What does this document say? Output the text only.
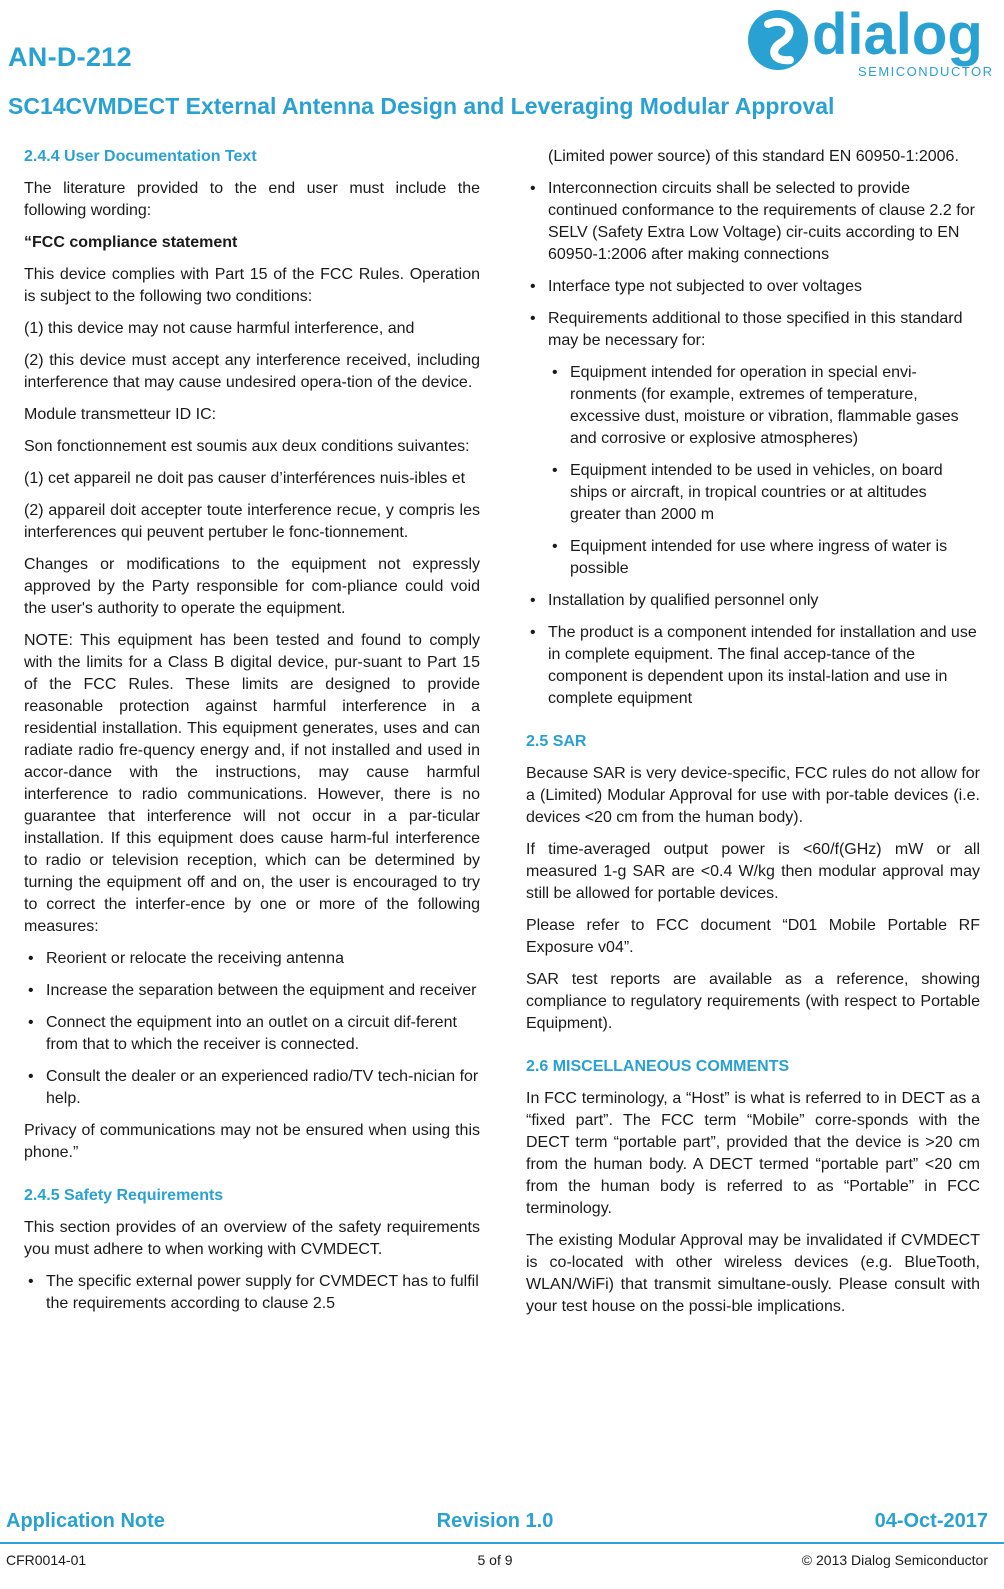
AN-D-212	dialog
SEMICONDUCTOR
SC14CVMDECT External Antenna Design and Leveraging Modular Approval
2.4.4 User Documentation Text

The literature provided to the end user must include the following wording:

“FCC compliance statement

This device complies with Part 15 of the FCC Rules. Operation is subject to the following two conditions:

(1) this device may not cause harmful interference, and

(2) this device must accept any interference received, including interference that may cause undesired opera-tion of the device.

Module transmetteur ID IC:

Son fonctionnement est soumis aux deux conditions suivantes:

(1) cet appareil ne doit pas causer d’interférences nuis-ibles et

(2) appareil doit accepter toute interference recue, y compris les interferences qui peuvent pertuber le fonc-tionnement.

Changes or modifications to the equipment not expressly approved by the Party responsible for com-pliance could void the user's authority to operate the equipment.

NOTE: This equipment has been tested and found to comply with the limits for a Class B digital device, pur-suant to Part 15 of the FCC Rules. These limits are designed to provide reasonable protection against harmful interference in a residential installation. This equipment generates, uses and can radiate radio fre-quency energy and, if not installed and used in accor-dance with the instructions, may cause harmful interference to radio communications. However, there is no guarantee that interference will not occur in a par-ticular installation. If this equipment does cause harm-ful interference to radio or television reception, which can be determined by turning the equipment off and on, the user is encouraged to try to correct the interfer-ence by one or more of the following measures:

• Reorient or relocate the receiving antenna
• Increase the separation between the equipment and receiver
• Connect the equipment into an outlet on a circuit dif-ferent from that to which the receiver is connected.
• Consult the dealer or an experienced radio/TV tech-nician for help.

Privacy of communications may not be ensured when using this phone.”

2.4.5 Safety Requirements

This section provides of an overview of the safety requirements you must adhere to when working with CVMDECT.

• The specific external power supply for CVMDECT has to fulfil the requirements according to clause 2.5
(Limited power source) of this standard EN 60950-1:2006.
• Interconnection circuits shall be selected to provide continued conformance to the requirements of clause 2.2 for SELV (Safety Extra Low Voltage) cir-cuits according to EN 60950-1:2006 after making connections
• Interface type not subjected to over voltages
• Requirements additional to those specified in this standard may be necessary for:
• Equipment intended for operation in special envi-ronments (for example, extremes of temperature, excessive dust, moisture or vibration, flammable gases and corrosive or explosive atmospheres)
• Equipment intended to be used in vehicles, on board ships or aircraft, in tropical countries or at altitudes greater than 2000 m
• Equipment intended for use where ingress of water is possible
• Installation by qualified personnel only
• The product is a component intended for installation and use in complete equipment. The final accep-tance of the component is dependent upon its instal-lation and use in complete equipment
2.5 SAR

Because SAR is very device-specific, FCC rules do not allow for a (Limited) Modular Approval for use with por-table devices (i.e. devices <20 cm from the human body).

If time-averaged output power is <60/f(GHz) mW or all measured 1-g SAR are <0.4 W/kg then modular approval may still be allowed for portable devices.

Please refer to FCC document “D01 Mobile Portable RF Exposure v04”.

SAR test reports are available as a reference, showing compliance to regulatory requirements (with respect to Portable Equipment).

2.6 MISCELLANEOUS COMMENTS

In FCC terminology, a “Host” is what is referred to in DECT as a “fixed part”. The FCC term “Mobile” corre-sponds with the DECT term “portable part”, provided that the device is >20 cm from the human body. A DECT termed “portable part” <20 cm from the human body is referred to as “Portable” in FCC terminology.

The existing Modular Approval may be invalidated if CVMDECT is co-located with other wireless devices (e.g. BlueTooth, WLAN/WiFi) that transmit simultane-ously. Please consult with your test house on the possi-ble implications.

Application Note	Revision 1.0	04-Oct-2017
CFR0014-01	5 of 9	© 2013 Dialog Semiconductor
